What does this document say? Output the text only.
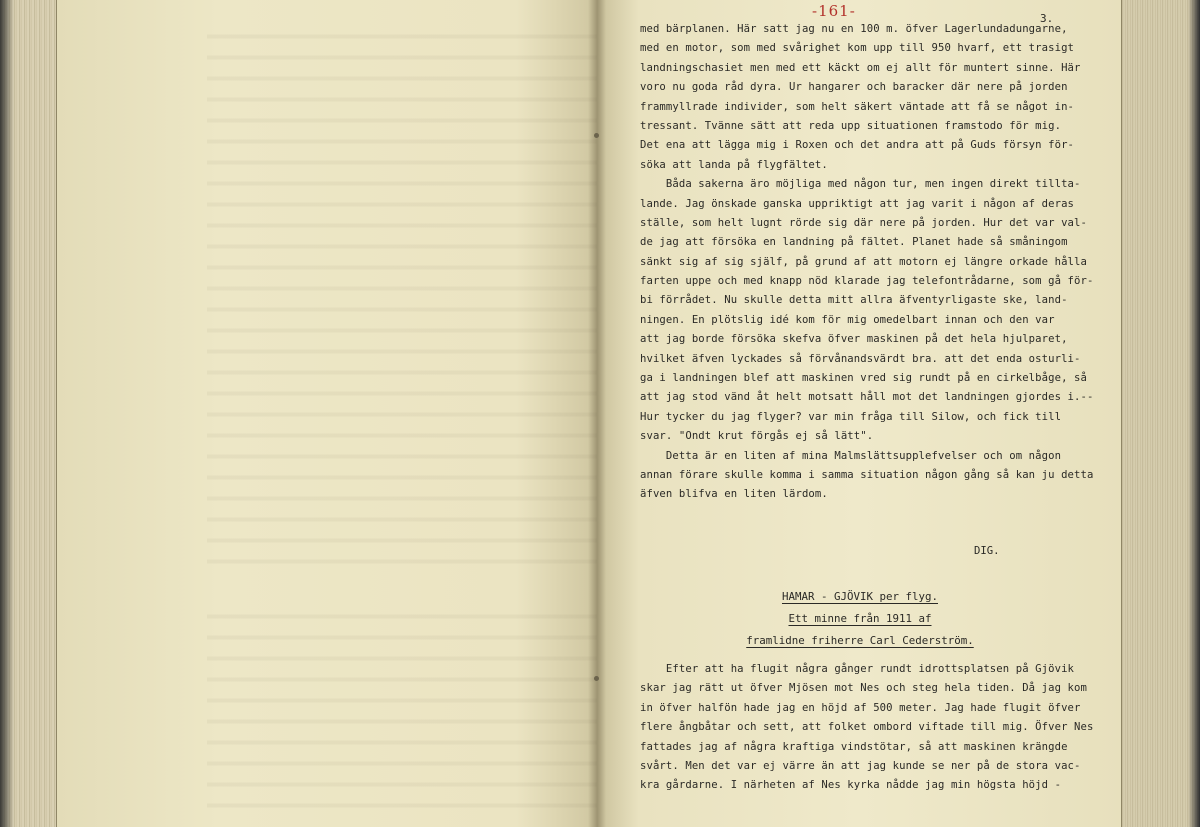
-161-	3.
med bärplanen. Här satt jag nu en 100 m. öfver Lagerlundadungarne,
med en motor, som med svårighet kom upp till 950 hvarf, ett trasigt
landningschasiet men med ett käckt om ej allt för muntert sinne. Här
voro nu goda råd dyra. Ur hangarer och baracker där nere på jorden
frammyllrade individer, som helt säkert väntade att få se något in-
tressant. Tvänne sätt att reda upp situationen framstodo för mig.
Det ena att lägga mig i Roxen och det andra att på Guds försyn för-
söka att landa på flygfältet.
Båda sakerna äro möjliga med någon tur, men ingen direkt tillta-
lande. Jag önskade ganska uppriktigt att jag varit i någon af deras
ställe, som helt lugnt rörde sig där nere på jorden. Hur det var val-
de jag att försöka en landning på fältet. Planet hade så småningom
sänkt sig af sig själf, på grund af att motorn ej längre orkade hålla
farten uppe och med knapp nöd klarade jag telefontrådarne, som gå för-
bi förrådet. Nu skulle detta mitt allra äfventyrligaste ske, land-
ningen. En plötslig idé kom för mig omedelbart innan och den var
att jag borde försöka skefva öfver maskinen på det hela hjulparet,
hvilket äfven lyckades så förvånandsvärdt bra. att det enda osturli-
ga i landningen blef att maskinen vred sig rundt på en cirkelbåge, så
att jag stod vänd åt helt motsatt håll mot det landningen gjordes i.--
Hur tycker du jag flyger? var min fråga till Silow, och fick till
svar. "Ondt krut förgås ej så lätt".
Detta är en liten af mina Malmslättsupplefvelser och om någon
annan förare skulle komma i samma situation någon gång så kan ju detta
äfven blifva en liten lärdom.
DIG.
HAMAR - GJÖVIK per flyg.
Ett minne från 1911 af
framlidne friherre Carl Cederström.
Efter att ha flugit några gånger rundt idrottsplatsen på Gjövik
skar jag rätt ut öfver Mjösen mot Nes och steg hela tiden. Då jag kom
in öfver halfön hade jag en höjd af 500 meter. Jag hade flugit öfver
flere ångbåtar och sett, att folket ombord viftade till mig. Öfver Nes
fattades jag af några kraftiga vindstötar, så att maskinen krängde
svårt. Men det var ej värre än att jag kunde se ner på de stora vac-
kra gårdarne. I närheten af Nes kyrka nådde jag min högsta höjd -
